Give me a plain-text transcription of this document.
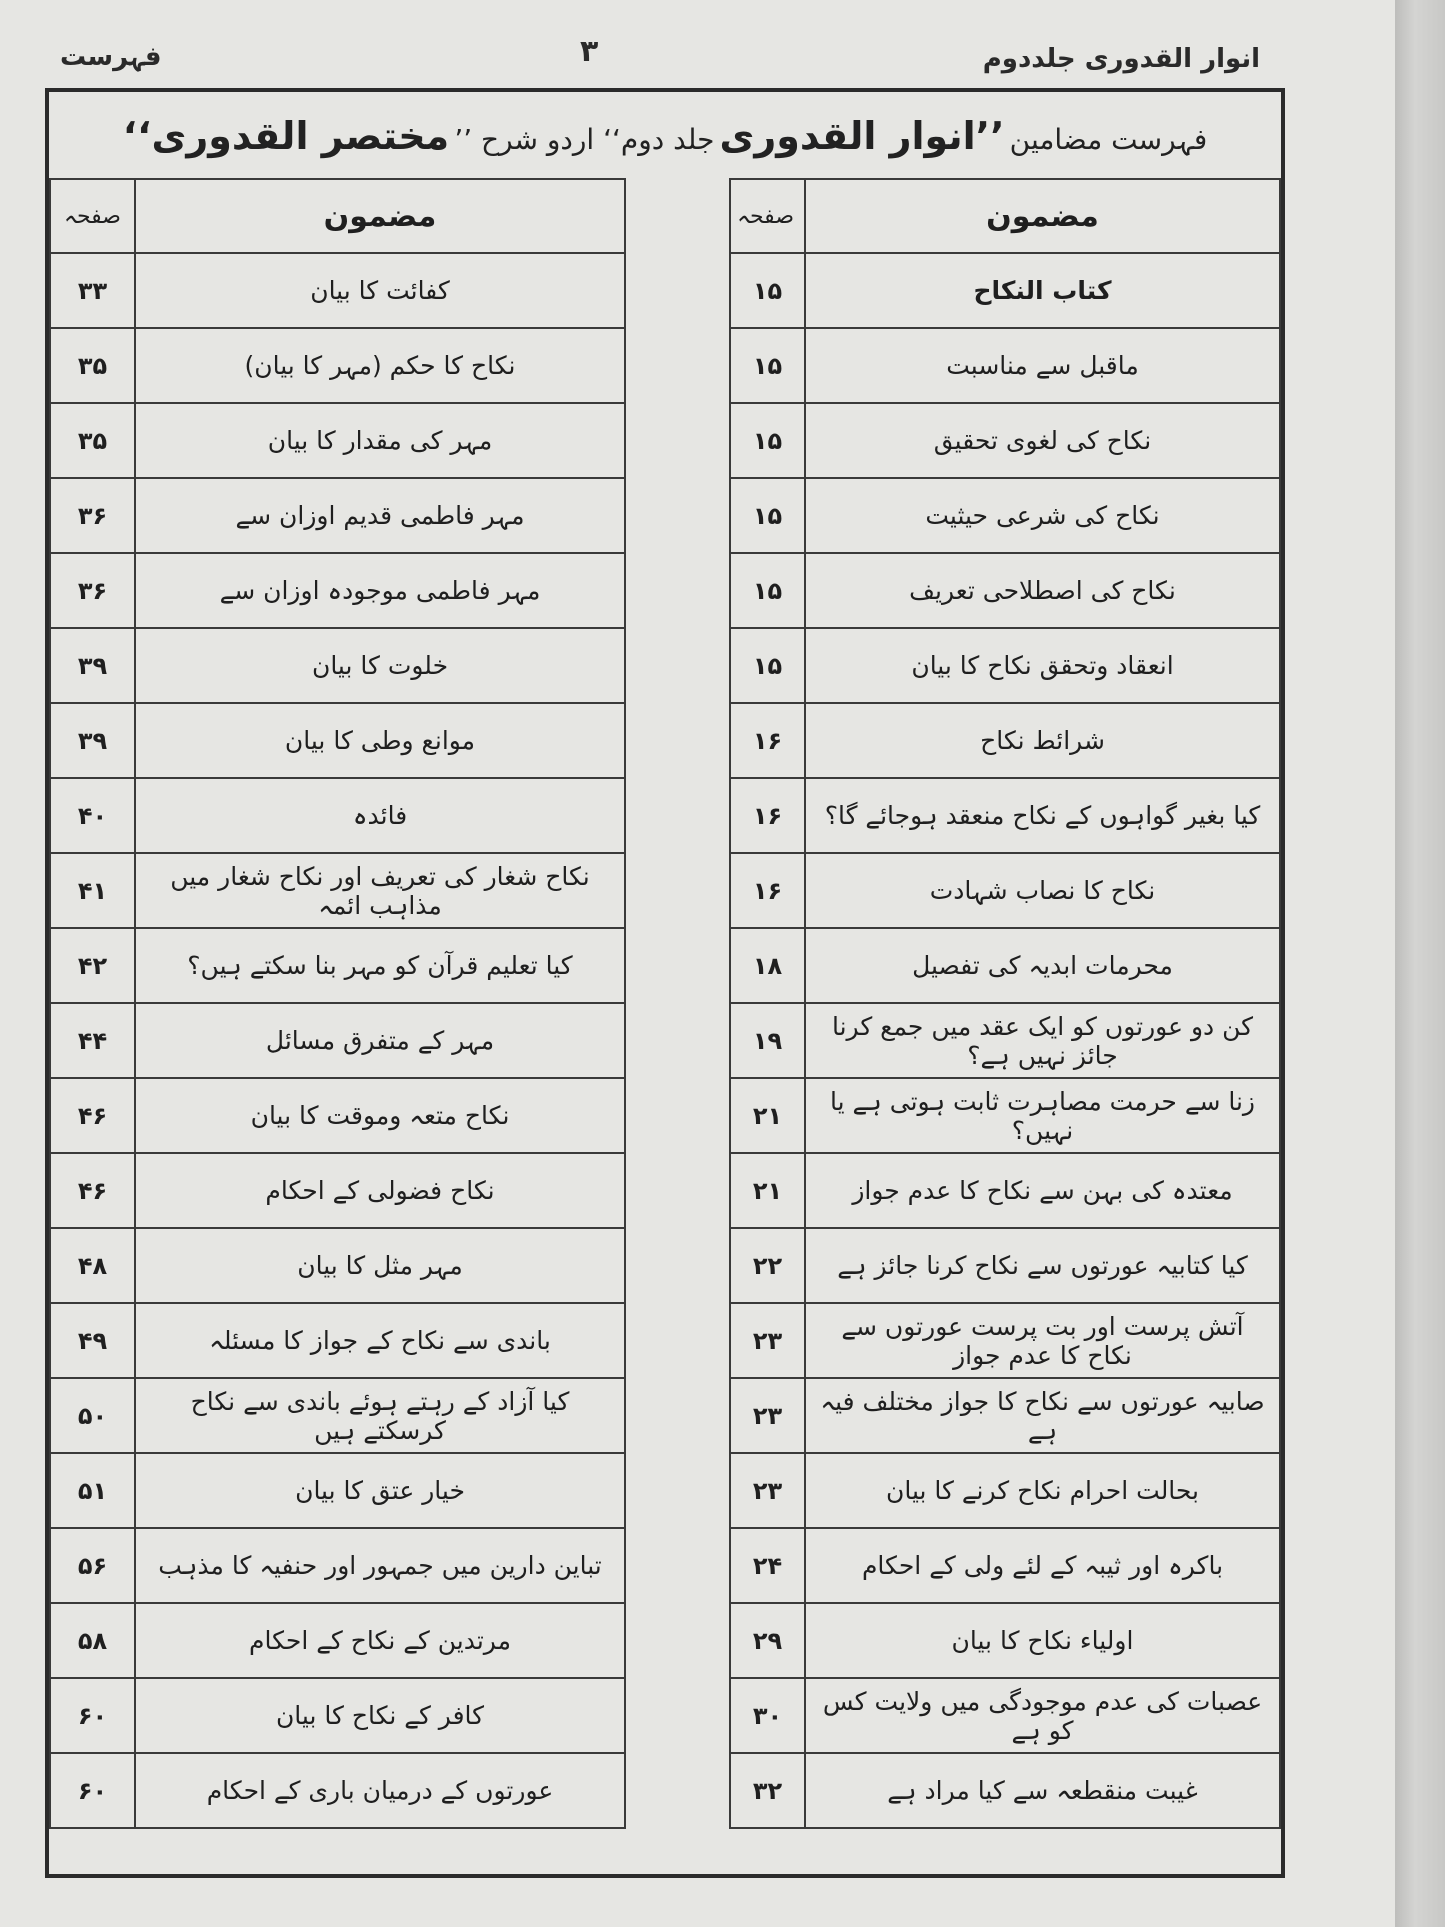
انوار القدوری جلددوم
۳
فہرست
فہرست مضامین ’’انوار القدوری جلد دوم‘‘ اردو شرح ’’ مختصر القدوری‘‘
مضمون	صفحہ
کتاب النکاح	۱۵
ماقبل سے مناسبت	۱۵
نکاح کی لغوی تحقیق	۱۵
نکاح کی شرعی حیثیت	۱۵
نکاح کی اصطلاحی تعریف	۱۵
انعقاد وتحقق نکاح کا بیان	۱۵
شرائط نکاح	۱۶
کیا بغیر گواہوں کے نکاح منعقد ہوجائے گا؟	۱۶
نکاح کا نصاب شہادت	۱۶
محرمات ابدیہ کی تفصیل	۱۸
کن دو عورتوں کو ایک عقد میں جمع کرنا جائز نہیں ہے؟	۱۹
زنا سے حرمت مصاہرت ثابت ہوتی ہے یا نہیں؟	۲۱
معتدہ کی بہن سے نکاح کا عدم جواز	۲۱
کیا کتابیہ عورتوں سے نکاح کرنا جائز ہے	۲۲
آتش پرست اور بت پرست عورتوں سے نکاح کا عدم جواز	۲۳
صابیہ عورتوں سے نکاح کا جواز مختلف فیہ ہے	۲۳
بحالت احرام نکاح کرنے کا بیان	۲۳
باکرہ اور ثیبہ کے لئے ولی کے احکام	۲۴
اولیاء نکاح کا بیان	۲۹
عصبات کی عدم موجودگی میں ولایت کس کو ہے	۳۰
غیبت منقطعہ سے کیا مراد ہے	۳۲
مضمون	صفحہ
کفائت کا بیان	۳۳
نکاح کا حکم (مہر کا بیان)	۳۵
مہر کی مقدار کا بیان	۳۵
مہر فاطمی قدیم اوزان سے	۳۶
مہر فاطمی موجودہ اوزان سے	۳۶
خلوت کا بیان	۳۹
موانع وطی کا بیان	۳۹
فائدہ	۴۰
نکاح شغار کی تعریف اور نکاح شغار میں مذاہب ائمہ	۴۱
کیا تعلیم قرآن کو مہر بنا سکتے ہیں؟	۴۲
مہر کے متفرق مسائل	۴۴
نکاح متعہ وموقت کا بیان	۴۶
نکاح فضولی کے احکام	۴۶
مہر مثل کا بیان	۴۸
باندی سے نکاح کے جواز کا مسئلہ	۴۹
کیا آزاد کے رہتے ہوئے باندی سے نکاح کرسکتے ہیں	۵۰
خیار عتق کا بیان	۵۱
تباین دارین میں جمہور اور حنفیہ کا مذہب	۵۶
مرتدین کے نکاح کے احکام	۵۸
کافر کے نکاح کا بیان	۶۰
عورتوں کے درمیان باری کے احکام	۶۰
